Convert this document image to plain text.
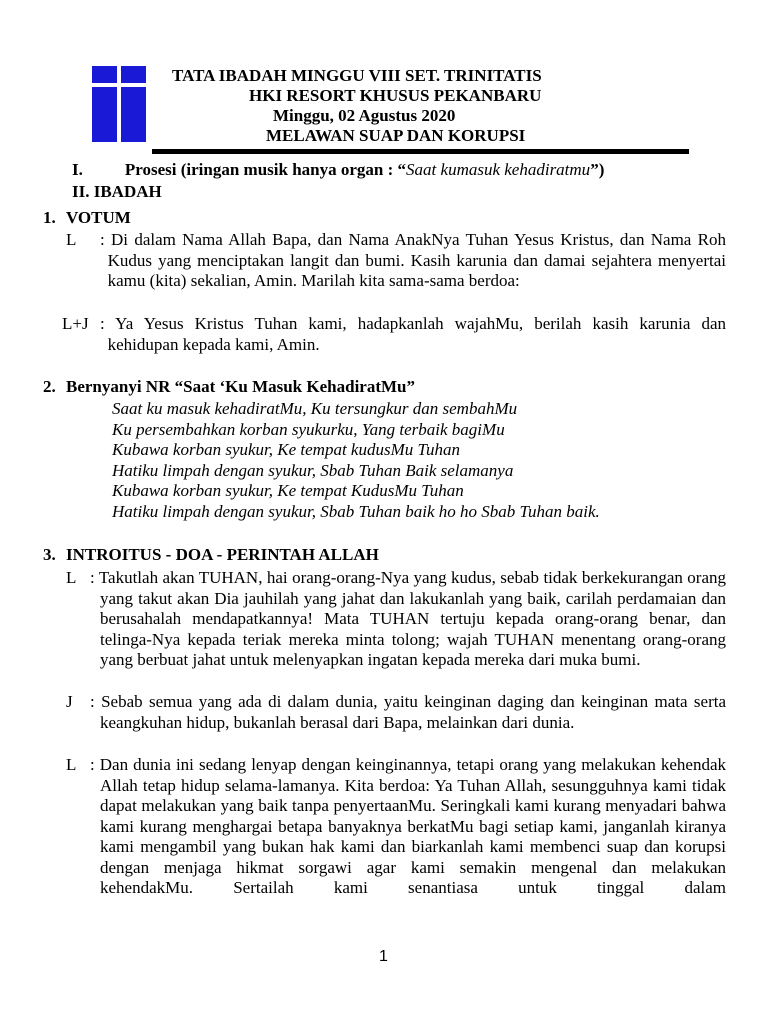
TATA IBADAH MINGGU VIII SET. TRINITATIS
HKI RESORT KHUSUS PEKANBARU
Minggu, 02 Agustus 2020
MELAWAN SUAP DAN KORUPSI
I. Prosesi (iringan musik hanya organ : “Saat kumasuk kehadiratmu”)
II. IBADAH
1. VOTUM
L : Di dalam Nama Allah Bapa, dan Nama AnakNya Tuhan Yesus Kristus, dan Nama Roh Kudus yang menciptakan langit dan bumi. Kasih karunia dan damai sejahtera menyertai kamu (kita) sekalian, Amin. Marilah kita sama-sama berdoa:
L+J : Ya Yesus Kristus Tuhan kami, hadapkanlah wajahMu, berilah kasih karunia dan kehidupan kepada kami, Amin.
2. Bernyanyi NR “Saat ‘Ku Masuk KehadiratMu”
Saat ku masuk kehadiratMu, Ku tersungkur dan sembahMu
Ku persembahkan korban syukurku, Yang terbaik bagiMu
Kubawa korban syukur, Ke tempat kudusMu Tuhan
Hatiku limpah dengan syukur, Sbab Tuhan Baik selamanya
Kubawa korban syukur, Ke tempat KudusMu Tuhan
Hatiku limpah dengan syukur, Sbab Tuhan baik ho ho Sbab Tuhan baik.
3. INTROITUS - DOA - PERINTAH ALLAH
L : Takutlah akan TUHAN, hai orang-orang-Nya yang kudus, sebab tidak berkekurangan orang yang takut akan Dia jauhilah yang jahat dan lakukanlah yang baik, carilah perdamaian dan berusahalah mendapatkannya! Mata TUHAN tertuju kepada orang-orang benar, dan telinga-Nya kepada teriak mereka minta tolong; wajah TUHAN menentang orang-orang yang berbuat jahat untuk melenyapkan ingatan kepada mereka dari muka bumi.
J : Sebab semua yang ada di dalam dunia, yaitu keinginan daging dan keinginan mata serta keangkuhan hidup, bukanlah berasal dari Bapa, melainkan dari dunia.
L : Dan dunia ini sedang lenyap dengan keinginannya, tetapi orang yang melakukan kehendak Allah tetap hidup selama-lamanya. Kita berdoa: Ya Tuhan Allah, sesungguhnya kami tidak dapat melakukan yang baik tanpa penyertaanMu. Seringkali kami kurang menyadari bahwa kami kurang menghargai betapa banyaknya berkatMu bagi setiap kami, janganlah kiranya kami mengambil yang bukan hak kami dan biarkanlah kami membenci suap dan korupsi dengan menjaga hikmat sorgawi agar kami semakin mengenal dan melakukan kehendakMu. Sertailah kami senantiasa untuk tinggal dalam
1
